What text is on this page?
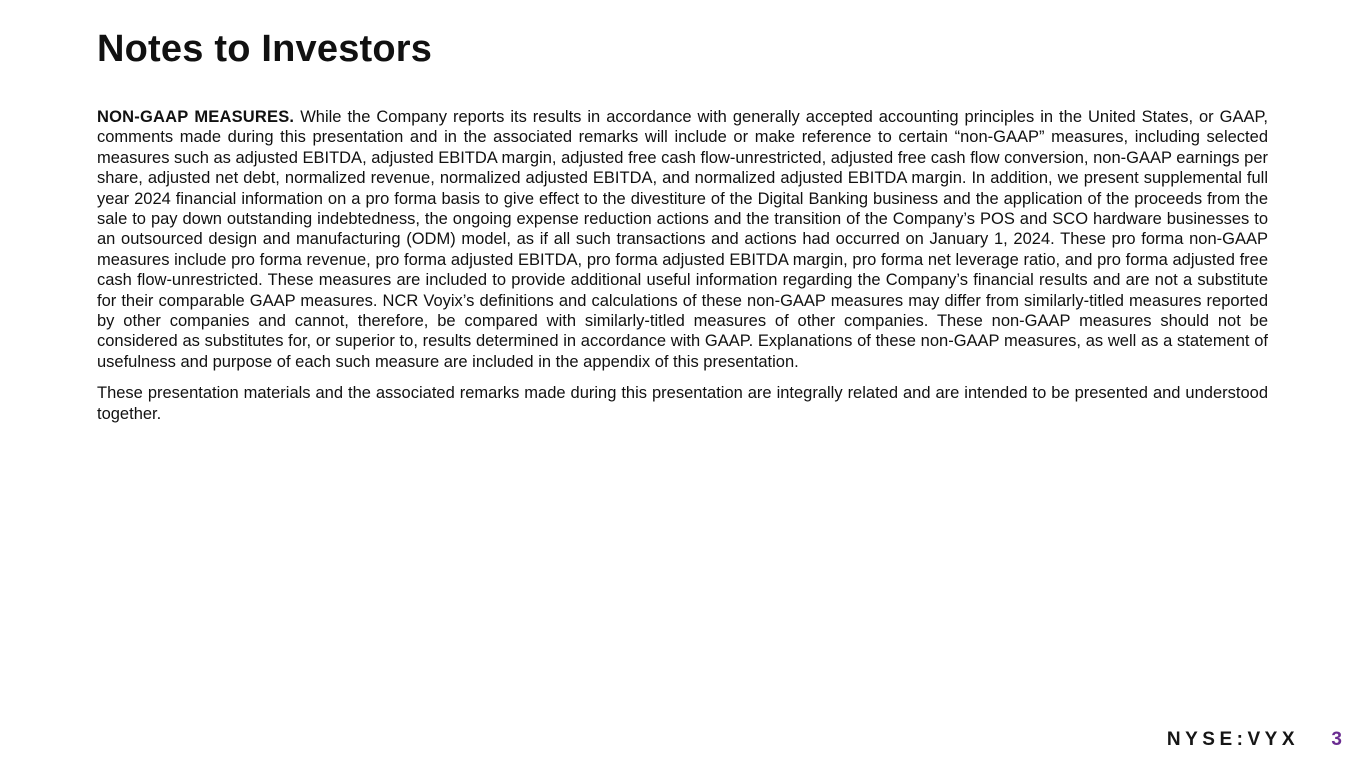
Notes to Investors

NON-GAAP MEASURES. While the Company reports its results in accordance with generally accepted accounting principles in the United States, or GAAP, comments made during this presentation and in the associated remarks will include or make reference to certain “non-GAAP” measures, including selected measures such as adjusted EBITDA, adjusted EBITDA margin, adjusted free cash flow-unrestricted, adjusted free cash flow conversion, non-GAAP earnings per share, adjusted net debt, normalized revenue, normalized adjusted EBITDA, and normalized adjusted EBITDA margin. In addition, we present supplemental full year 2024 financial information on a pro forma basis to give effect to the divestiture of the Digital Banking business and the application of the proceeds from the sale to pay down outstanding indebtedness, the ongoing expense reduction actions and the transition of the Company’s POS and SCO hardware businesses to an outsourced design and manufacturing (ODM) model, as if all such transactions and actions had occurred on January 1, 2024. These pro forma non-GAAP measures include pro forma revenue, pro forma adjusted EBITDA, pro forma adjusted EBITDA margin, pro forma net leverage ratio, and pro forma adjusted free cash flow-unrestricted. These measures are included to provide additional useful information regarding the Company’s financial results and are not a substitute for their comparable GAAP measures. NCR Voyix’s definitions and calculations of these non-GAAP measures may differ from similarly-titled measures reported by other companies and cannot, therefore, be compared with similarly-titled measures of other companies. These non-GAAP measures should not be considered as substitutes for, or superior to, results determined in accordance with GAAP. Explanations of these non-GAAP measures, as well as a statement of usefulness and purpose of each such measure are included in the appendix of this presentation.

These presentation materials and the associated remarks made during this presentation are integrally related and are intended to be presented and understood together.

NYSE:VYX 3
